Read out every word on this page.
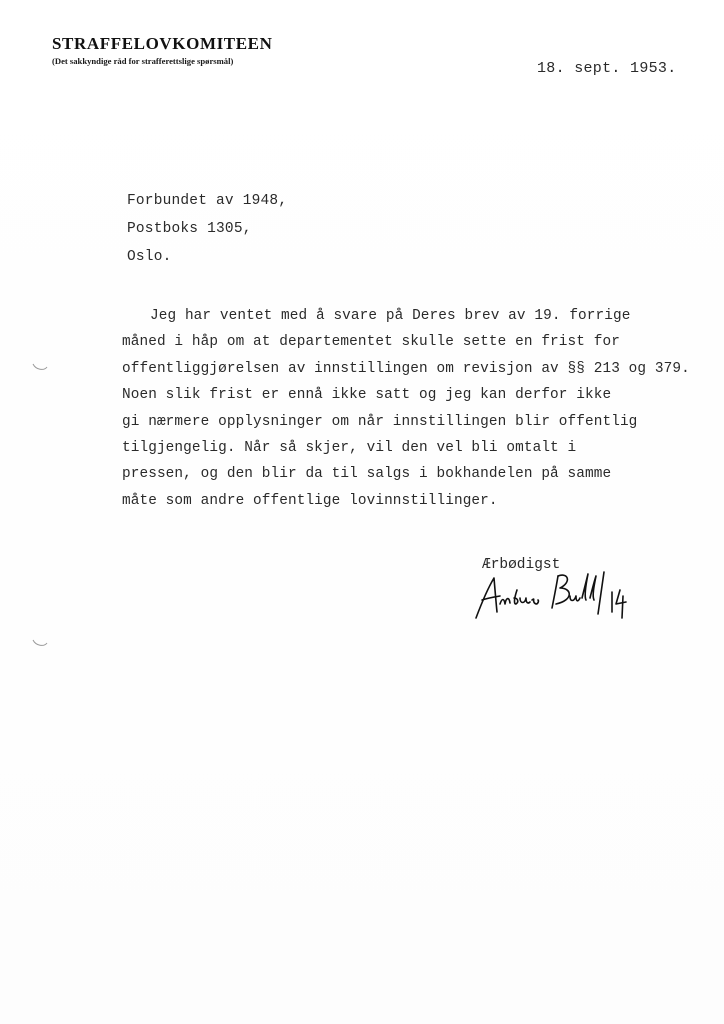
STRAFFELOVKOMITEEN
(Det sakkyndige råd for strafferettslige spørsmål)	18. sept. 1953.
Forbundet av 1948,
Postboks 1305,
Oslo.
Jeg har ventet med å svare på Deres brev av 19. forrige
måned i håp om at departementet skulle sette en frist for
offentliggjørelsen av innstillingen om revisjon av §§ 213 og 379.
Noen slik frist er ennå ikke satt og jeg kan derfor ikke
gi nærmere opplysninger om når innstillingen blir offentlig
tilgjengelig. Når så skjer, vil den vel bli omtalt i
pressen, og den blir da til salgs i bokhandelen på samme
måte som andre offentlige lovinnstillinger.
Ærbødigst
